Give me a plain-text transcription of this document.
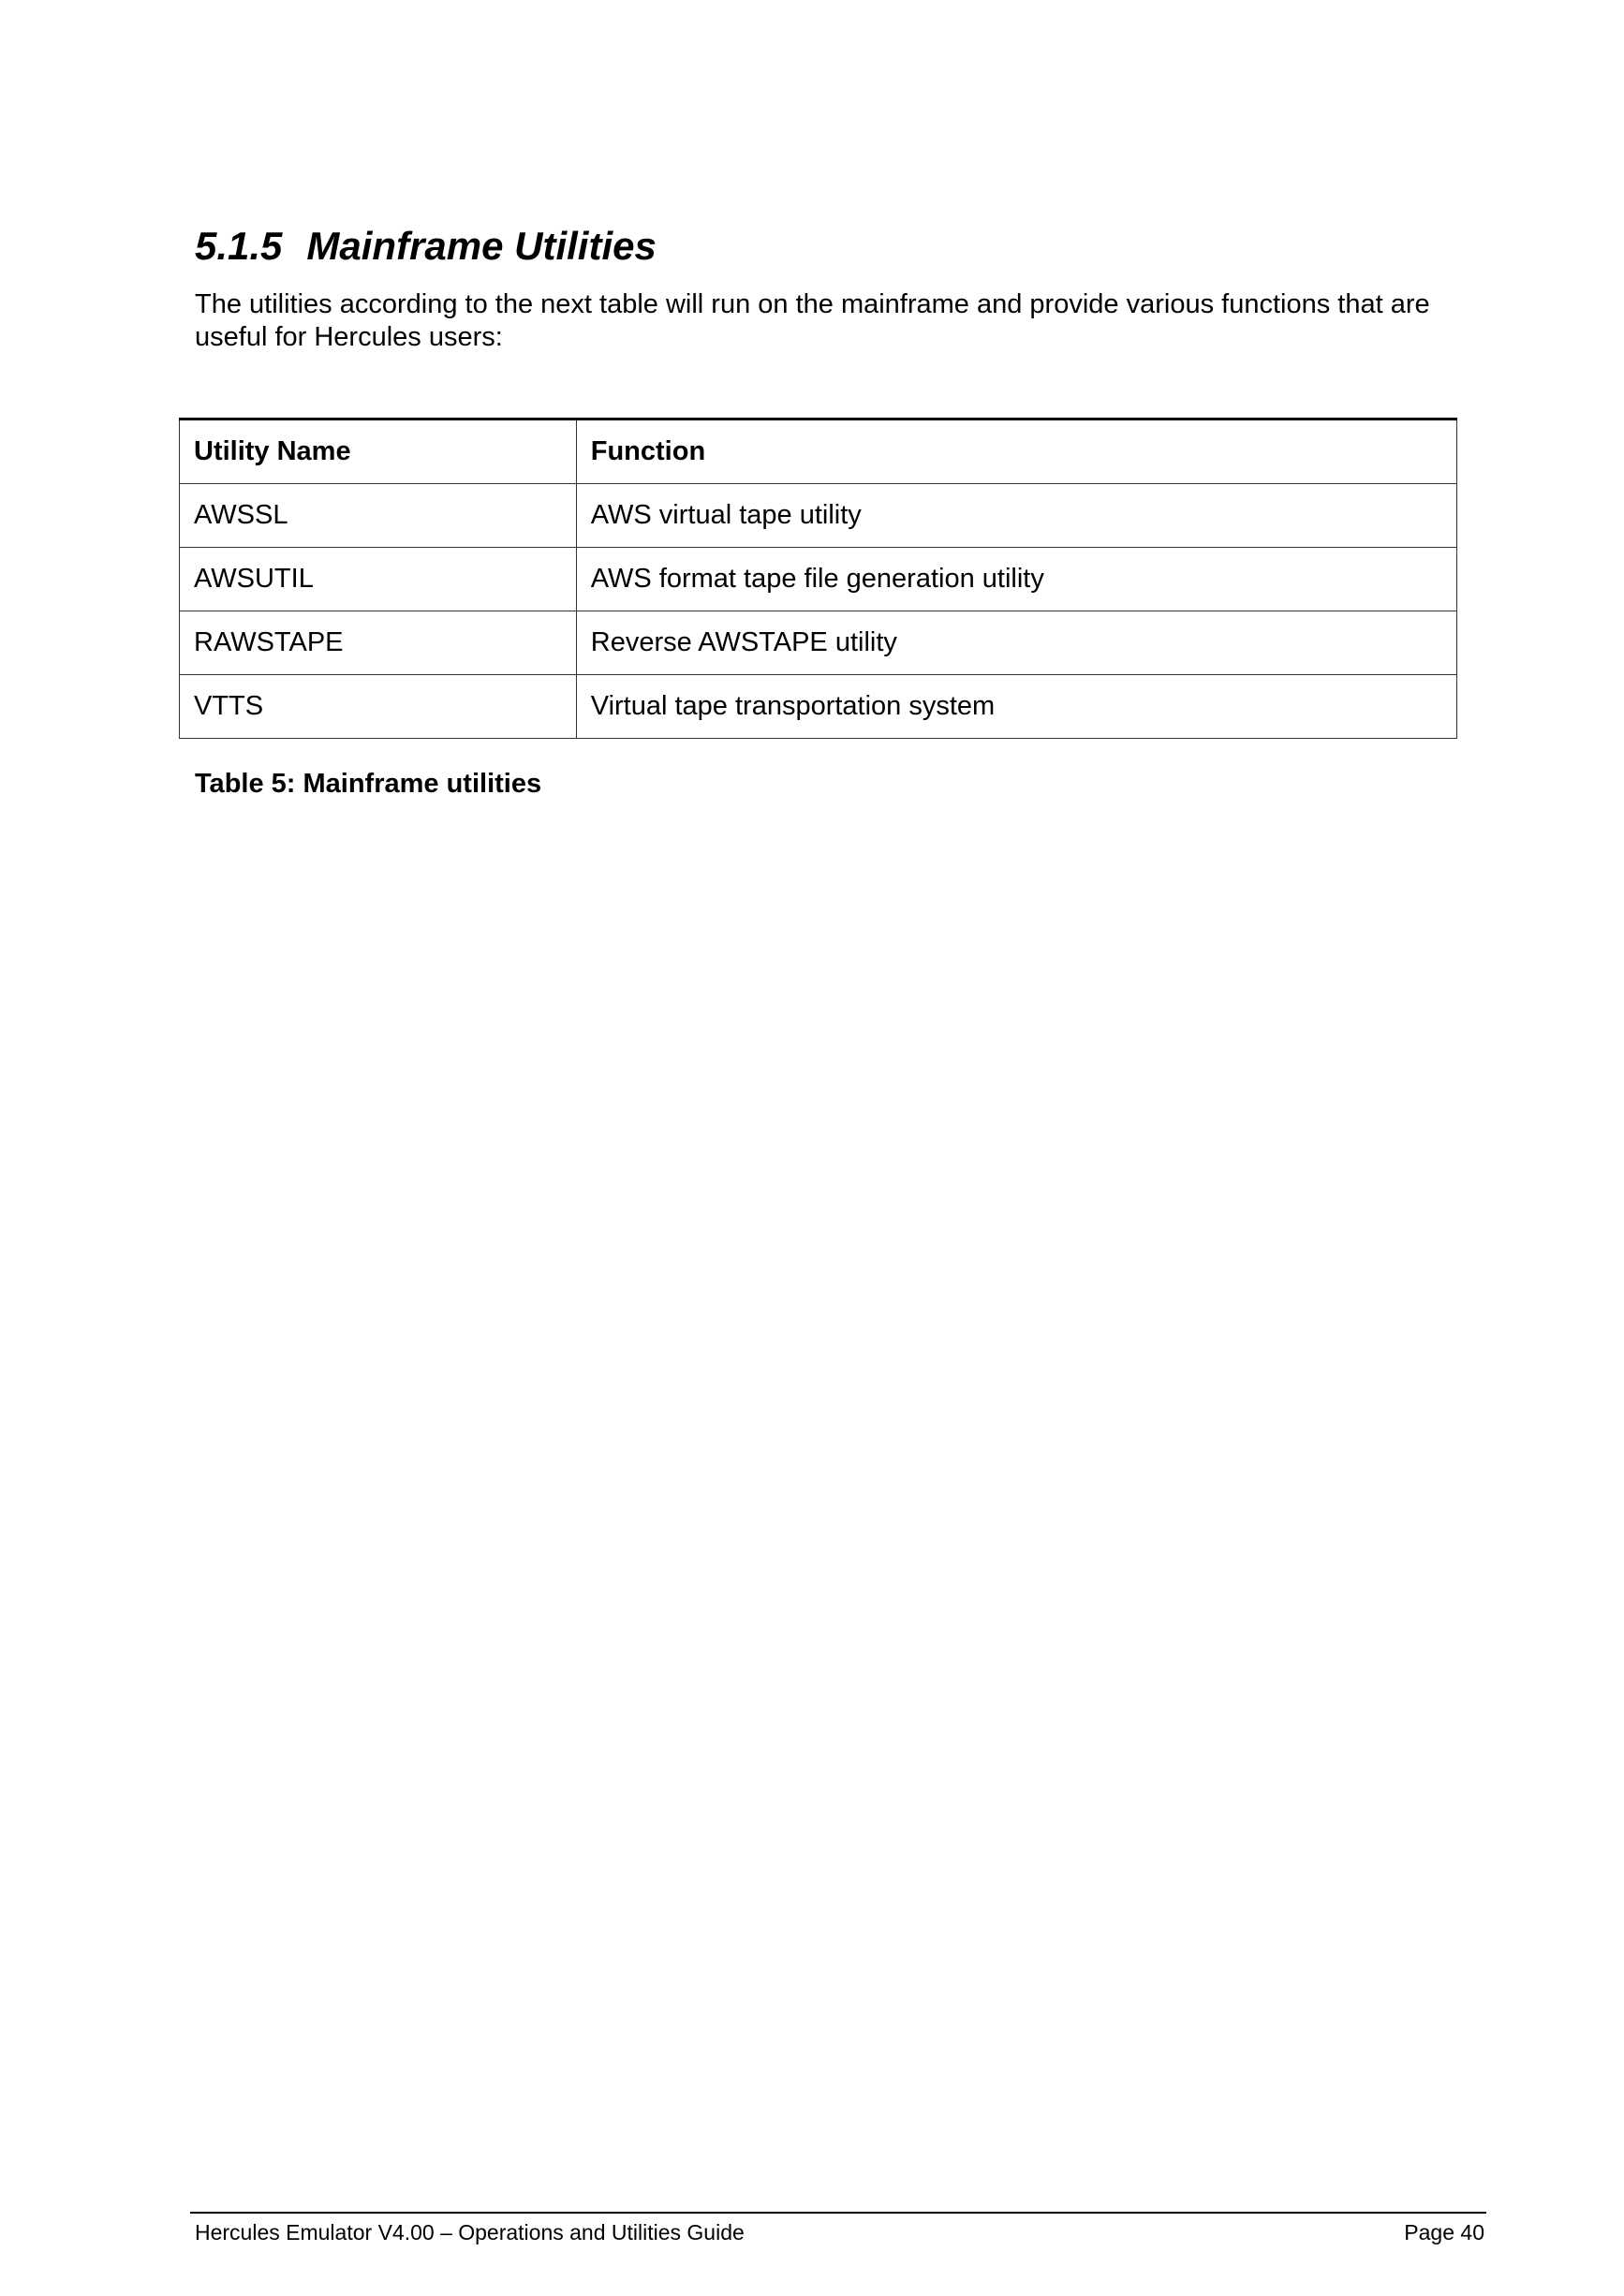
5.1.5 Mainframe Utilities

The utilities according to the next table will run on the mainframe and provide various functions that are useful for Hercules users:

Utility Name	Function
AWSSL	AWS virtual tape utility
AWSUTIL	AWS format tape file generation utility
RAWSTAPE	Reverse AWSTAPE utility
VTTS	Virtual tape transportation system

Table 5: Mainframe utilities

Hercules Emulator V4.00 – Operations and Utilities Guide	Page 40
